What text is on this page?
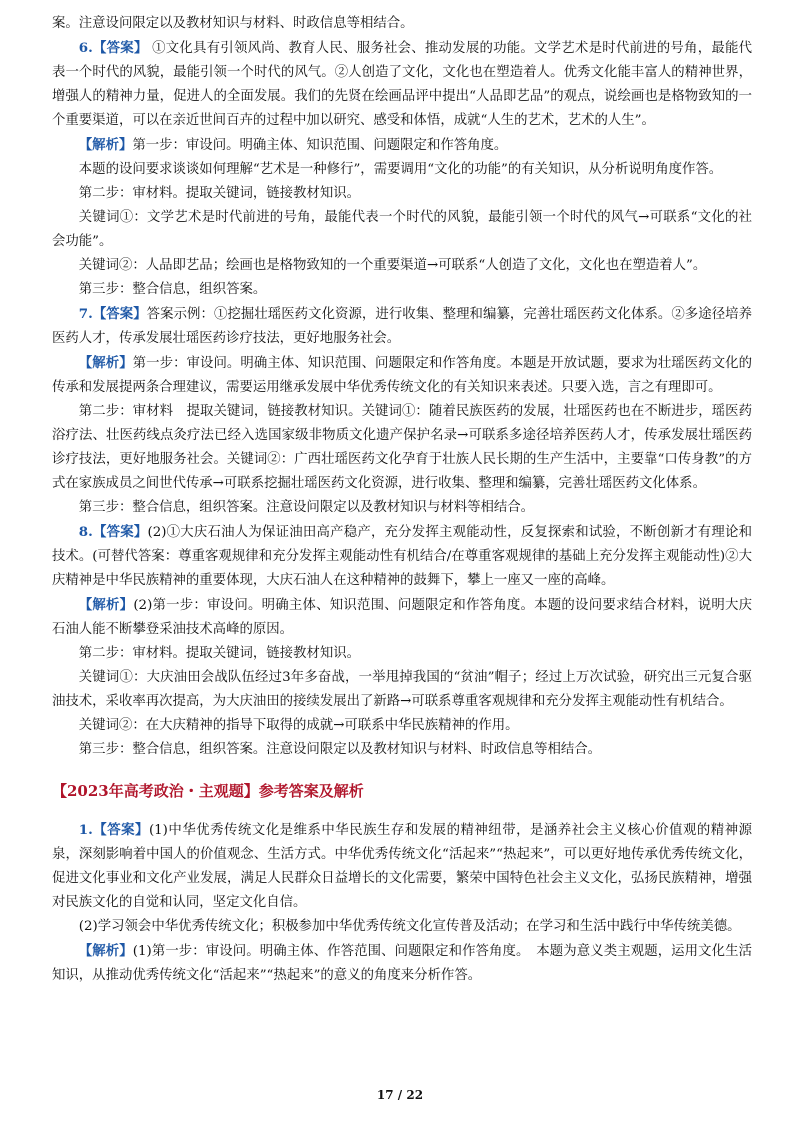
案。注意设问限定以及教材知识与材料、时政信息等相结合。

6.【答案】 ①文化具有引领风尚、教育人民、服务社会、推动发展的功能。文学艺术是时代前进的号角，最能代表一个时代的风貌，最能引领一个时代的风气。②人创造了文化，文化也在塑造着人。优秀文化能丰富人的精神世界，增强人的精神力量，促进人的全面发展。我们的先贤在绘画品评中提出“人品即艺品”的观点，说绘画也是格物致知的一个重要渠道，可以在亲近世间百卉的过程中加以研究、感受和体悟，成就“人生的艺术，艺术的人生”。

【解析】第一步：审设问。明确主体、知识范围、问题限定和作答角度。

本题的设问要求谈谈如何理解“艺术是一种修行”，需要调用“文化的功能”的有关知识，从分析说明角度作答。

第二步：审材料。提取关键词，链接教材知识。

关键词①：文学艺术是时代前进的号角，最能代表一个时代的风貌，最能引领一个时代的风气→可联系“文化的社会功能”。

关键词②：人品即艺品；绘画也是格物致知的一个重要渠道→可联系“人创造了文化，文化也在塑造着人”。

第三步：整合信息，组织答案。

7.【答案】答案示例：①挖掘壮瑶医药文化资源，进行收集、整理和编纂，完善壮瑶医药文化体系。②多途径培养医药人才，传承发展壮瑶医药诊疗技法，更好地服务社会。

【解析】第一步：审设问。明确主体、知识范围、问题限定和作答角度。本题是开放试题，要求为壮瑶医药文化的传承和发展提两条合理建议，需要运用继承发展中华优秀传统文化的有关知识来表述。只要入选，言之有理即可。

第二步：审材料　提取关键词，链接教材知识。关键词①：随着民族医药的发展，壮瑶医药也在不断进步，瑶医药浴疗法、壮医药线点灸疗法已经入选国家级非物质文化遗产保护名录→可联系多途径培养医药人才，传承发展壮瑶医药诊疗技法，更好地服务社会。关键词②：广西壮瑶医药文化孕育于壮族人民长期的生产生活中，主要靠“口传身教”的方式在家族成员之间世代传承→可联系挖掘壮瑶医药文化资源，进行收集、整理和编纂，完善壮瑶医药文化体系。

第三步：整合信息，组织答案。注意设问限定以及教材知识与材料等相结合。

8.【答案】(2)①大庆石油人为保证油田高产稳产，充分发挥主观能动性，反复探索和试验，不断创新才有理论和技术。(可替代答案：尊重客观规律和充分发挥主观能动性有机结合/在尊重客观规律的基础上充分发挥主观能动性)②大庆精神是中华民族精神的重要体现，大庆石油人在这种精神的鼓舞下，攀上一座又一座的高峰。

【解析】(2)第一步：审设问。明确主体、知识范围、问题限定和作答角度。本题的设问要求结合材料，说明大庆石油人能不断攀登采油技术高峰的原因。

第二步：审材料。提取关键词，链接教材知识。

关键词①：大庆油田会战队伍经过3年多奋战，一举甩掉我国的“贫油”帽子；经过上万次试验，研究出三元复合驱油技术，采收率再次提高，为大庆油田的接续发展出了新路→可联系尊重客观规律和充分发挥主观能动性有机结合。

关键词②：在大庆精神的指导下取得的成就→可联系中华民族精神的作用。

第三步：整合信息，组织答案。注意设问限定以及教材知识与材料、时政信息等相结合。

【2023年高考政治・主观题】参考答案及解析

1.【答案】(1)中华优秀传统文化是维系中华民族生存和发展的精神纽带，是涵养社会主义核心价值观的精神源泉，深刻影响着中国人的价值观念、生活方式。中华优秀传统文化“活起来”“热起来”，可以更好地传承优秀传统文化，促进文化事业和文化产业发展，满足人民群众日益增长的文化需要，繁荣中国特色社会主义文化，弘扬民族精神，增强对民族文化的自觉和认同，坚定文化自信。

(2)学习领会中华优秀传统文化；积极参加中华优秀传统文化宣传普及活动；在学习和生活中践行中华传统美德。

【解析】(1)第一步：审设问。明确主体、作答范围、问题限定和作答角度。　本题为意义类主观题，运用文化生活知识，从推动优秀传统文化“活起来”“热起来”的意义的角度来分析作答。

17 / 22
